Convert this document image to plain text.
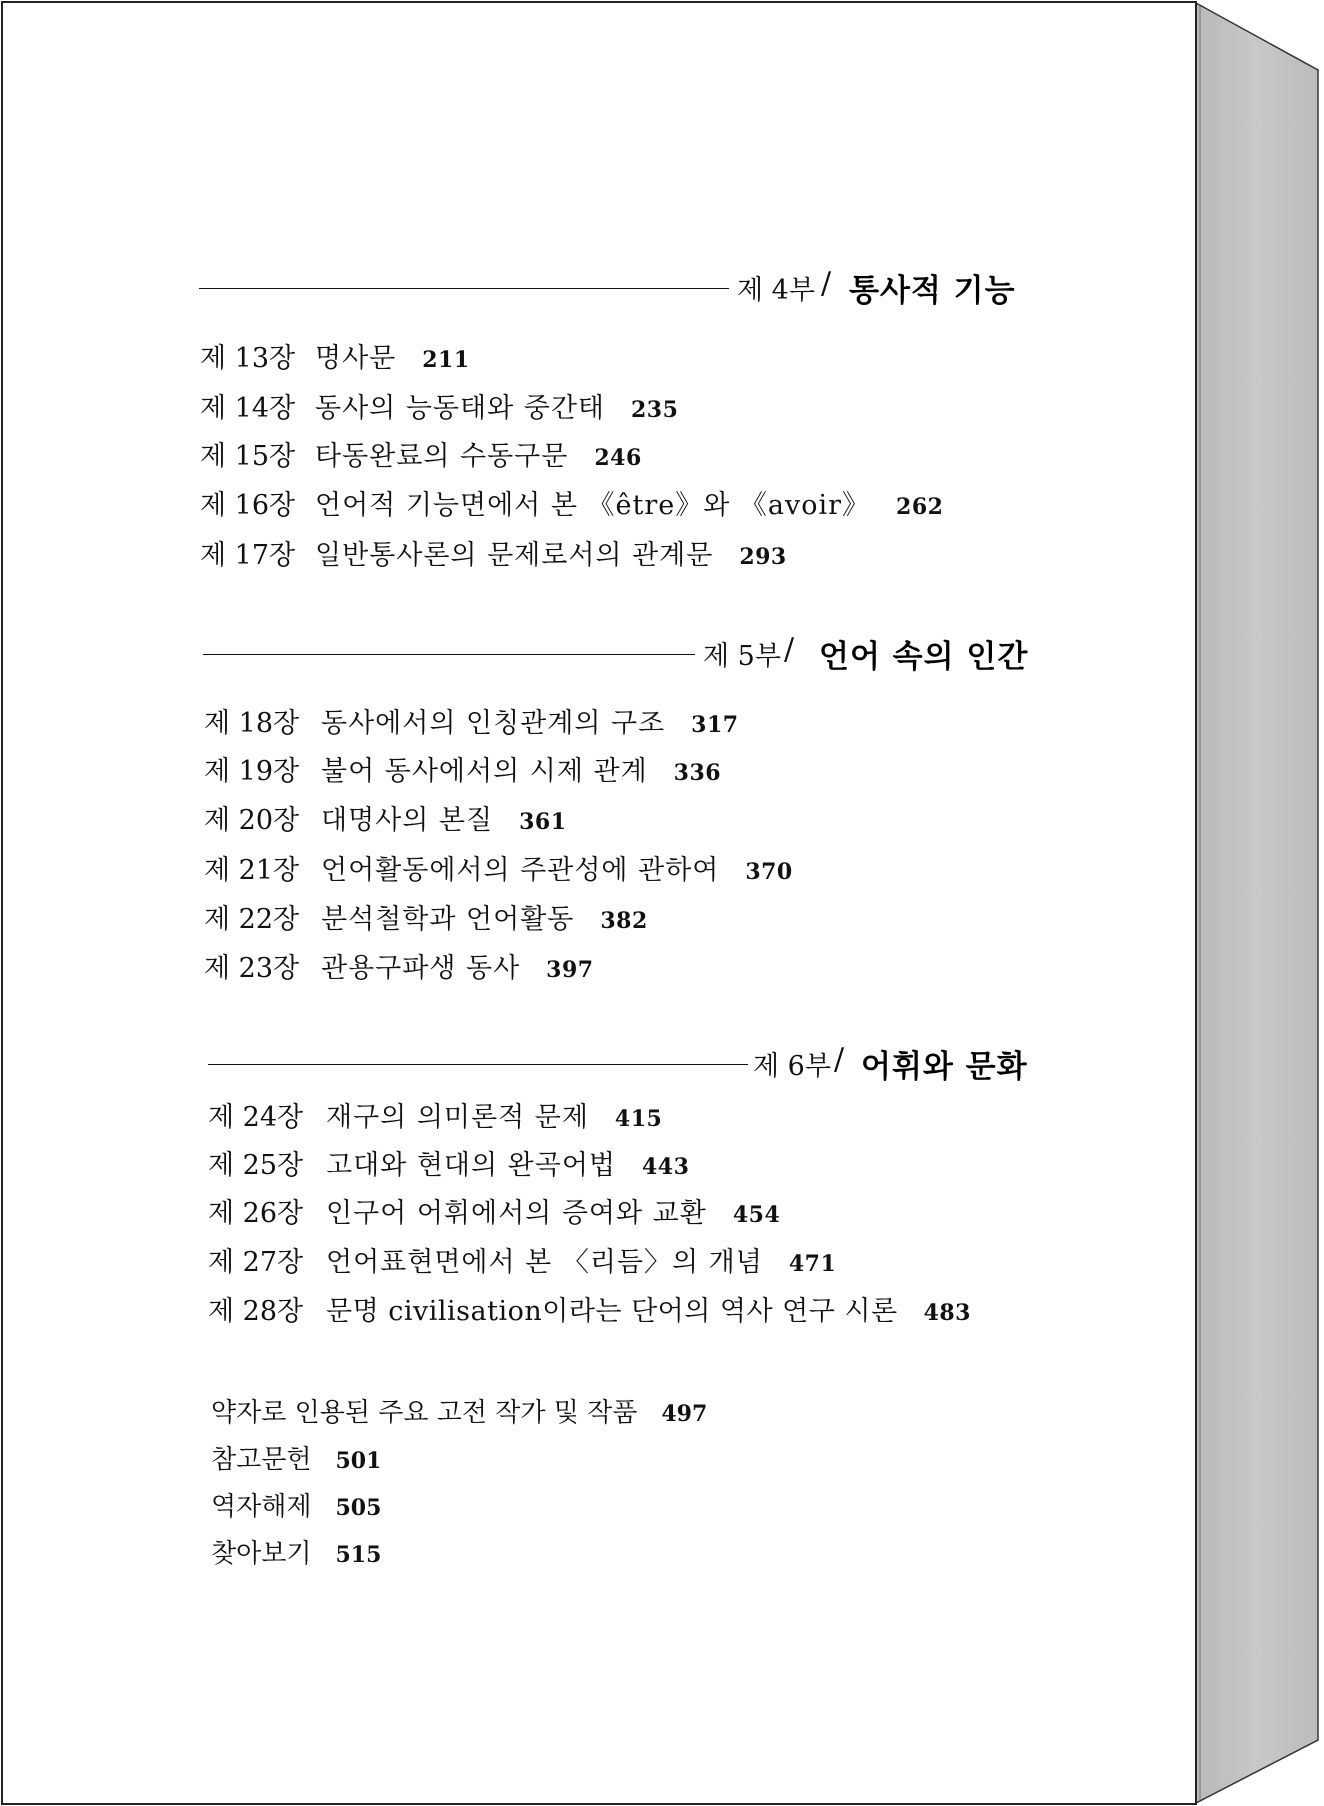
제 4부 / 통사적 기능
제 13장 명사문 211
제 14장 동사의 능동태와 중간태 235
제 15장 타동완료의 수동구문 246
제 16장 언어적 기능면에서 본 《être》와 《avoir》 262
제 17장 일반통사론의 문제로서의 관계문 293
제 5부 / 언어 속의 인간
제 18장 동사에서의 인칭관계의 구조 317
제 19장 불어 동사에서의 시제 관계 336
제 20장 대명사의 본질 361
제 21장 언어활동에서의 주관성에 관하여 370
제 22장 분석철학과 언어활동 382
제 23장 관용구파생 동사 397
제 6부 / 어휘와 문화
제 24장 재구의 의미론적 문제 415
제 25장 고대와 현대의 완곡어법 443
제 26장 인구어 어휘에서의 증여와 교환 454
제 27장 언어표현면에서 본 〈리듬〉의 개념 471
제 28장 문명 civilisation이라는 단어의 역사 연구 시론 483
약자로 인용된 주요 고전 작가 및 작품 497
참고문헌 501
역자해제 505
찾아보기 515
